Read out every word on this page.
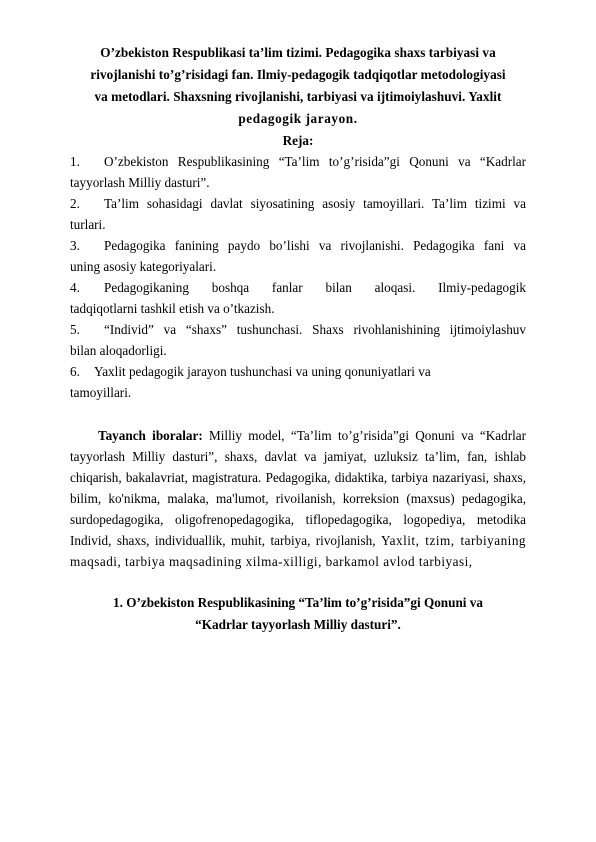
O’zbekiston Respublikasi ta’lim tizimi. Pedagogika shaxs tarbiyasi va
rivojlanishi to’g’risidagi fan. Ilmiy-pedagogik tadqiqotlar metodologiyasi
va metodlari. Shaxsning rivojlanishi, tarbiyasi va ijtimoiylashuvi. Yaxlit
pedagogik jarayon.

Reja:

1.	O’zbekiston Respublikasining “Ta’lim to’g’risida”gi Qonuni va “Kadrlar
tayyorlash Milliy dasturi”.
2.	Ta’lim sohasidagi davlat siyosatining asosiy tamoyillari. Ta’lim tizimi va
turlari.
3.	Pedagogika fanining paydo bo’lishi va rivojlanishi. Pedagogika fani va
uning asosiy kategoriyalari.
4.	Pedagogikaning boshqa fanlar bilan aloqasi. Ilmiy-pedagogik
tadqiqotlarni tashkil etish va o’tkazish.
5.	“Individ” va “shaxs” tushunchasi. Shaxs rivohlanishining ijtimoiylashuv
bilan aloqadorligi.
6.	Yaxlit pedagogik jarayon tushunchasi va uning qonuniyatlari va
tamoyillari.

Tayanch iboralar: Milliy model, “Ta’lim to’g’risida”gi Qonuni va “Kadrlar tayyorlash Milliy dasturi”, shaxs, davlat va jamiyat, uzluksiz ta’lim, fan, ishlab chiqarish, bakalavriat, magistratura. Pedagogika, didaktika, tarbiya nazariyasi, shaxs, bilim, ko'nikma, malaka, ma'lumot, rivoilanish, korreksion (maxsus) pedagogika, surdopedagogika, oligofrenopedagogika, tiflopedagogika, logopediya, metodika Individ, shaxs, individuallik, muhit, tarbiya, rivojlanish, Yaxlit, tzim, tarbiyaning maqsadi, tarbiya maqsadining xilma-xilligi, barkamol avlod tarbiyasi,

1. O’zbekiston Respublikasining “Ta’lim to’g’risida”gi Qonuni va
“Kadrlar tayyorlash Milliy dasturi”.
